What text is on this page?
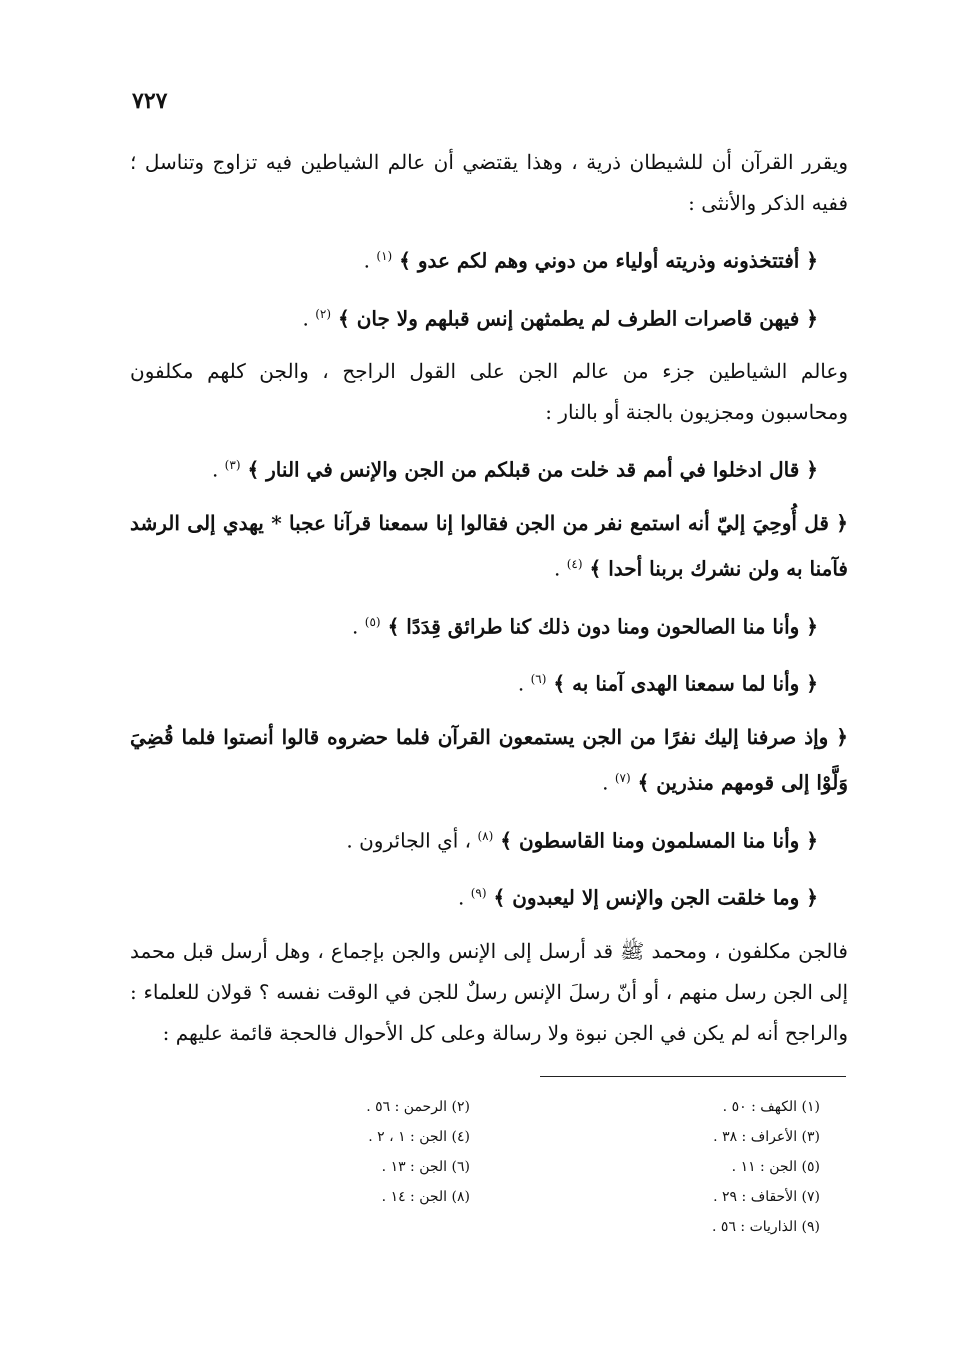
٧٢٧

ويقرر القرآن أن للشيطان ذرية ، وهذا يقتضي أن عالم الشياطين فيه تزاوج وتناسل ؛ ففيه الذكر والأنثى :

﴿ أفتتخذونه وذريته أولياء من دوني وهم لكم عدو ﴾ $^{(١)}$ .

﴿ فيهن قاصرات الطرف لم يطمثهن إنس قبلهم ولا جان ﴾ $^{(٢)}$ .

وعالم الشياطين جزء من عالم الجن على القول الراجح ، والجن كلهم مكلفون ومحاسبون ومجزيون بالجنة أو بالنار :

﴿ قال ادخلوا في أمم قد خلت من قبلكم من الجن والإنس في النار ﴾ $^{(٣)}$ .

﴿ قل أُوحِيَ إليّ أنه استمع نفر من الجن فقالوا إنا سمعنا قرآنا عجبا * يهدي إلى الرشد فآمنا به ولن نشرك بربنا أحدا ﴾ $^{(٤)}$ .

﴿ وأنا منا الصالحون ومنا دون ذلك كنا طرائق قِدَدًا ﴾ $^{(٥)}$ .

﴿ وأنا لما سمعنا الهدى آمنا به ﴾ $^{(٦)}$ .

﴿ وإذ صرفنا إليك نفرًا من الجن يستمعون القرآن فلما حضروه قالوا أنصتوا فلما قُضِيَ وَلَّوْا إلى قومهم منذرين ﴾ $^{(٧)}$ .

﴿ وأنا منا المسلمون ومنا القاسطون ﴾ $^{(٨)}$ ، أي الجائرون .

﴿ وما خلقت الجن والإنس إلا ليعبدون ﴾ $^{(٩)}$ .

فالجن مكلفون ، ومحمد ﷺ قد أرسل إلى الإنس والجن بإجماع ، وهل أرسل قبل محمد إلى الجن رسل منهم ، أو أنّ رسلَ الإنس رسلٌ للجن في الوقت نفسه ؟ قولان للعلماء : والراجح أنه لم يكن في الجن نبوة ولا رسالة وعلى كل الأحوال فالحجة قائمة عليهم :

(١) الكهف : ٥٠ .
(٣) الأعراف : ٣٨ .
(٥) الجن : ١١ .
(٧) الأحقاف : ٢٩ .
(٩) الذاريات : ٥٦ .
(٢) الرحمن : ٥٦ .
(٤) الجن : ١ ، ٢ .
(٦) الجن : ١٣ .
(٨) الجن : ١٤ .
